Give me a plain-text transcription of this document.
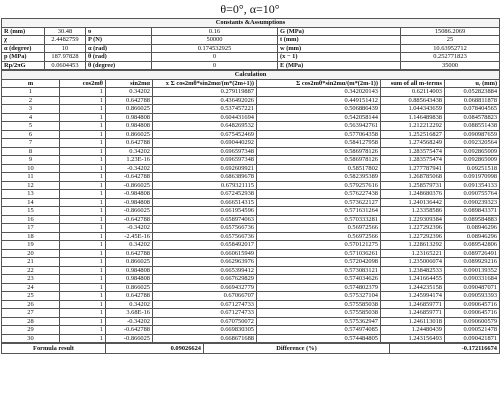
θ=0°, α=10°
Constants &Assumptions					
R (mm)	30.48	υ	0.16	G (MPa)	15086.2069
χ	2.4482759	P (N)	50000	t (mm)	25
α (degree)	10	α (rad)	0.174532925	w (mm)	10.63952712
p (MPa)	187.97828	θ (rad)	0	(x − 1)	0.252771823
Rp/2πG	0.0604453	θ (degree)	0	E (MPa)	35000
Calculation						
m	cos2mθ	sin2mα	x Σ cos2mθ*sin2mα/(m*(2m+1))	Σ cos2mθ*sin2mα/(m*(2m-1))	sum of all m-terms	uᵣ (mm)
1	1	0.34202	0.279119887	0.342020143	0.62114003	0.052823884
2	1	0.642788	0.436492026	0.449151412	0.885643438	0.068811878
3	1	0.866025	0.537457221	0.506886439	1.044343659	0.078404565
4	1	0.984808	0.604431694	0.542058144	1.146489838	0.084578823
5	1	0.984808	0.648269532	0.563942761	1.212212292	0.088551438
6	1	0.866025	0.675452469	0.577064358	1.252516827	0.090987659
7	1	0.642788	0.690440292	0.584127958	1.274568249	0.092320564
8	1	0.34202	0.696597348	0.586978126	1.283575474	0.092865009
9	1	1.23E-16	0.696597348	0.586978126	1.283575474	0.092865009
10	1	-0.34202	0.692609921	0.58517802	1.277787941	0.09251518
11	1	-0.642788	0.686389678	0.582395389	1.268785068	0.091970998
12	1	-0.866025	0.679321115	0.579257616	1.258579731	0.091354133
13	1	-0.984808	0.672452938	0.576227438	1.248680376	0.090755764
14	1	-0.984808	0.666514315	0.573622127	1.240136442	0.090239323
15	1	-0.866025	0.661954596	0.571631264	1.23358586	0.089843371
16	1	-0.642788	0.658974063	0.570333281	1.229309384	0.089584883
17	1	-0.34202	0.657566736	0.56972566	1.227292396	0.08946296
18	1	-2.45E-16	0.657566736	0.56972566	1.227292396	0.08946296
19	1	0.34202	0.658492017	0.570121275	1.228613292	0.089542806
20	1	0.642788	0.660615949	0.571036261	1.23165221	0.089726491
21	1	0.866025	0.662963976	0.572042098	1.235006074	0.089929216
22	1	0.984808	0.665399412	0.573083121	1.238482533	0.090139352
23	1	0.984808	0.667629829	0.574034626	1.241664455	0.090331684
24	1	0.866025	0.669432779	0.574802379	1.244235158	0.090487071
25	1	0.642788	0.67066707	0.575327104	1.245994174	0.090593393
26	1	0.34202	0.671274733	0.575585038	1.246859771	0.090645716
27	1	3.68E-16	0.671274733	0.575585038	1.246859771	0.090645716
28	1	-0.34202	0.670750072	0.575362947	1.246113018	0.090600579
29	1	-0.642788	0.669830305	0.574974085	1.24480439	0.090521478
30	1	-0.866025	0.668671688	0.574484805	1.243156493	0.090421871
Formula result	0.09026624	Difference (%)	-0.172116674
